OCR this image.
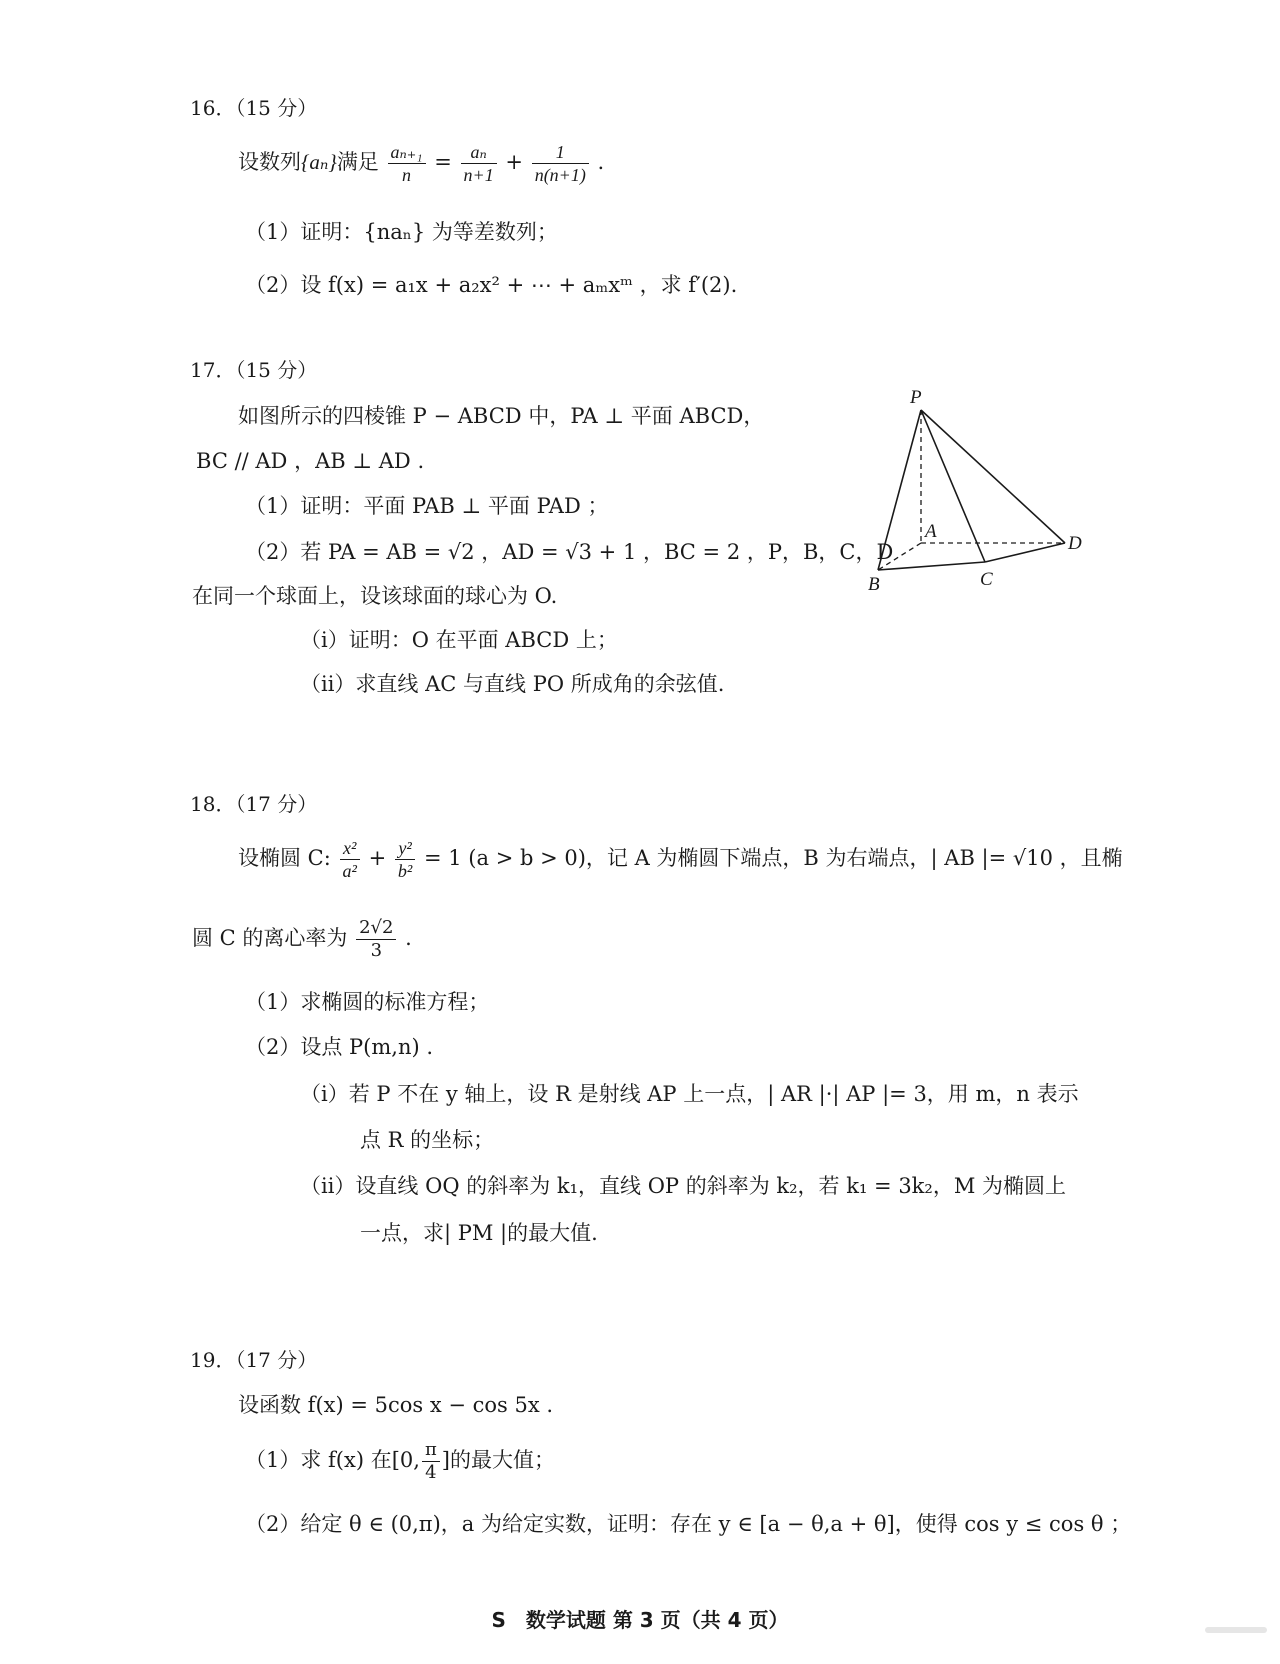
16．（15 分）
设数列{aₙ}满足 $\frac{\text{aₙ₊₁}}{n} = \frac{\text{aₙ}}{n+1} + \frac{1}{n(n+1)}$ .
（1）证明：{naₙ} 为等差数列；
（2）设 f(x) = a₁x + a₂x² + ⋯ + aₘxᵐ ，求 f′(2).
17．（15 分）
如图所示的四棱锥 P − ABCD 中，PA ⊥ 平面 ABCD，
BC // AD ，AB ⊥ AD .
（1）证明：平面 PAB ⊥ 平面 PAD ；
（2）若 PA = AB = √2 ，AD = √3 + 1 ，BC = 2 ，P，B，C，D
在同一个球面上，设该球面的球心为 O.
（ⅰ）证明：O 在平面 ABCD 上；
（ⅱ）求直线 AC 与直线 PO 所成角的余弦值.
P
A
B	C
D
18．（17 分）
设椭圆 C: $\frac{\text{x²}}{\text{a²}} + \frac{\text{y²}}{\text{b²}} = 1$ (a > b > 0)，记 A 为椭圆下端点，B 为右端点，| AB |= √10 ，且椭
圆 C 的离心率为 $\frac{2√2}{3}$ .
（1）求椭圆的标准方程；
（2）设点 P(m,n) .
（ⅰ）若 P 不在 y 轴上，设 R 是射线 AP 上一点，| AR |·| AP |= 3，用 m，n 表示
点 R 的坐标；
（ⅱ）设直线 OQ 的斜率为 k₁，直线 OP 的斜率为 k₂，若 k₁ = 3k₂，M 为椭圆上
一点，求| PM |的最大值.
19．（17 分）
设函数 f(x) = 5cos x − cos 5x .
（1）求 f(x) 在[0, $\frac{\pi}{4}$ ]的最大值；
（2）给定 θ ∈ (0,π)，a 为给定实数，证明：存在 y ∈ [a − θ,a + θ]，使得 cos y ≤ cos θ ；
S　数学试题 第 3 页（共 4 页）
